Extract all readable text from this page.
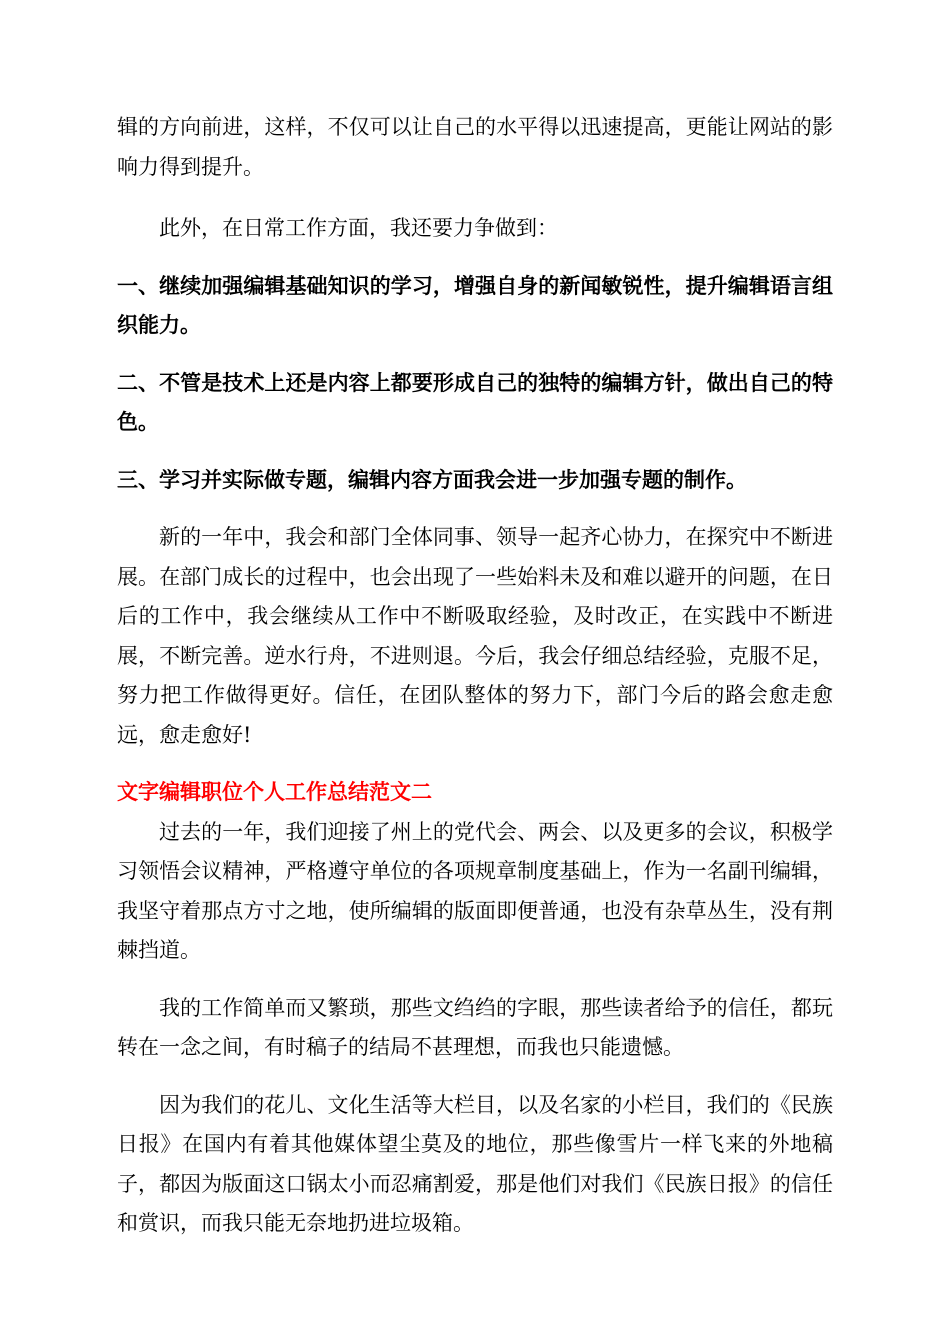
辑的方向前进，这样，不仅可以让自己的水平得以迅速提高，更能让网站的影响力得到提升。

此外，在日常工作方面，我还要力争做到：

一、继续加强编辑基础知识的学习，增强自身的新闻敏锐性，提升编辑语言组织能力。

二、不管是技术上还是内容上都要形成自己的独特的编辑方针，做出自己的特色。

三、学习并实际做专题，编辑内容方面我会进一步加强专题的制作。

新的一年中，我会和部门全体同事、领导一起齐心协力，在探究中不断进展。在部门成长的过程中，也会出现了一些始料未及和难以避开的问题，在日后的工作中，我会继续从工作中不断吸取经验，及时改正，在实践中不断进展，不断完善。逆水行舟，不进则退。今后，我会仔细总结经验，克服不足，努力把工作做得更好。信任，在团队整体的努力下，部门今后的路会愈走愈远，愈走愈好!

文字编辑职位个人工作总结范文二

过去的一年，我们迎接了州上的党代会、两会、以及更多的会议，积极学习领悟会议精神，严格遵守单位的各项规章制度基础上，作为一名副刊编辑，我坚守着那点方寸之地，使所编辑的版面即便普通，也没有杂草丛生，没有荆棘挡道。

我的工作简单而又繁琐，那些文绉绉的字眼，那些读者给予的信任，都玩转在一念之间，有时稿子的结局不甚理想，而我也只能遗憾。

因为我们的花儿、文化生活等大栏目，以及名家的小栏目，我们的《民族日报》在国内有着其他媒体望尘莫及的地位，那些像雪片一样飞来的外地稿子，都因为版面这口锅太小而忍痛割爱，那是他们对我们《民族日报》的信任和赏识，而我只能无奈地扔进垃圾箱。
